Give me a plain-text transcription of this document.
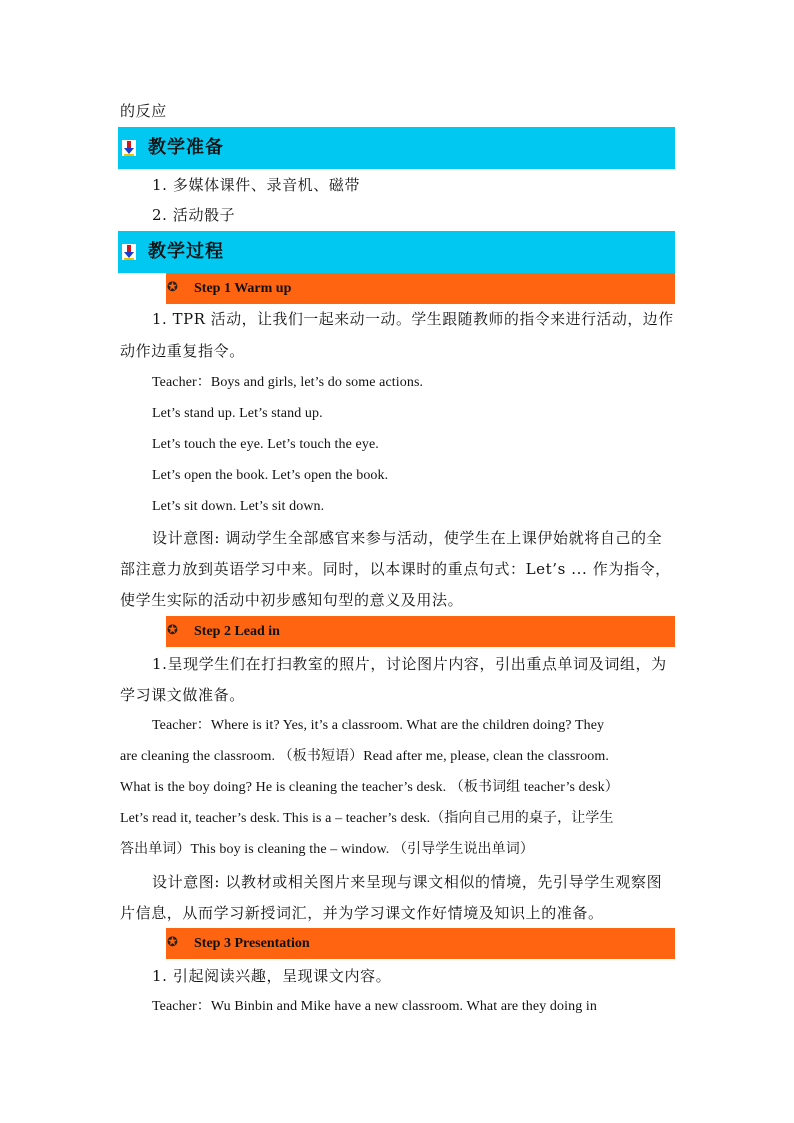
的反应
教学准备
1. 多媒体课件、录音机、磁带
2. 活动骰子
教学过程
✪ Step 1 Warm up
1. TPR 活动，让我们一起来动一动。学生跟随教师的指令来进行活动，边作
动作边重复指令。
Teacher：Boys and girls, let’s do some actions.
Let’s stand up. Let’s stand up.
Let’s touch the eye. Let’s touch the eye.
Let’s open the book. Let’s open the book.
Let’s sit down. Let’s sit down.
设计意图: 调动学生全部感官来参与活动，使学生在上课伊始就将自己的全
部注意力放到英语学习中来。同时，以本课时的重点句式：Let’s ... 作为指令，
使学生实际的活动中初步感知句型的意义及用法。
✪ Step 2 Lead in
1.呈现学生们在打扫教室的照片，讨论图片内容，引出重点单词及词组，为
学习课文做准备。
Teacher：Where is it? Yes, it’s a classroom. What are the children doing? They
are cleaning the classroom. （板书短语）Read after me, please, clean the classroom.
What is the boy doing? He is cleaning the teacher’s desk. （板书词组 teacher’s desk）
Let’s read it, teacher’s desk. This is a – teacher’s desk.（指向自己用的桌子，让学生
答出单词）This boy is cleaning the – window. （引导学生说出单词）
设计意图: 以教材或相关图片来呈现与课文相似的情境，先引导学生观察图
片信息，从而学习新授词汇，并为学习课文作好情境及知识上的准备。
✪ Step 3 Presentation
1. 引起阅读兴趣，呈现课文内容。
Teacher：Wu Binbin and Mike have a new classroom. What are they doing in
